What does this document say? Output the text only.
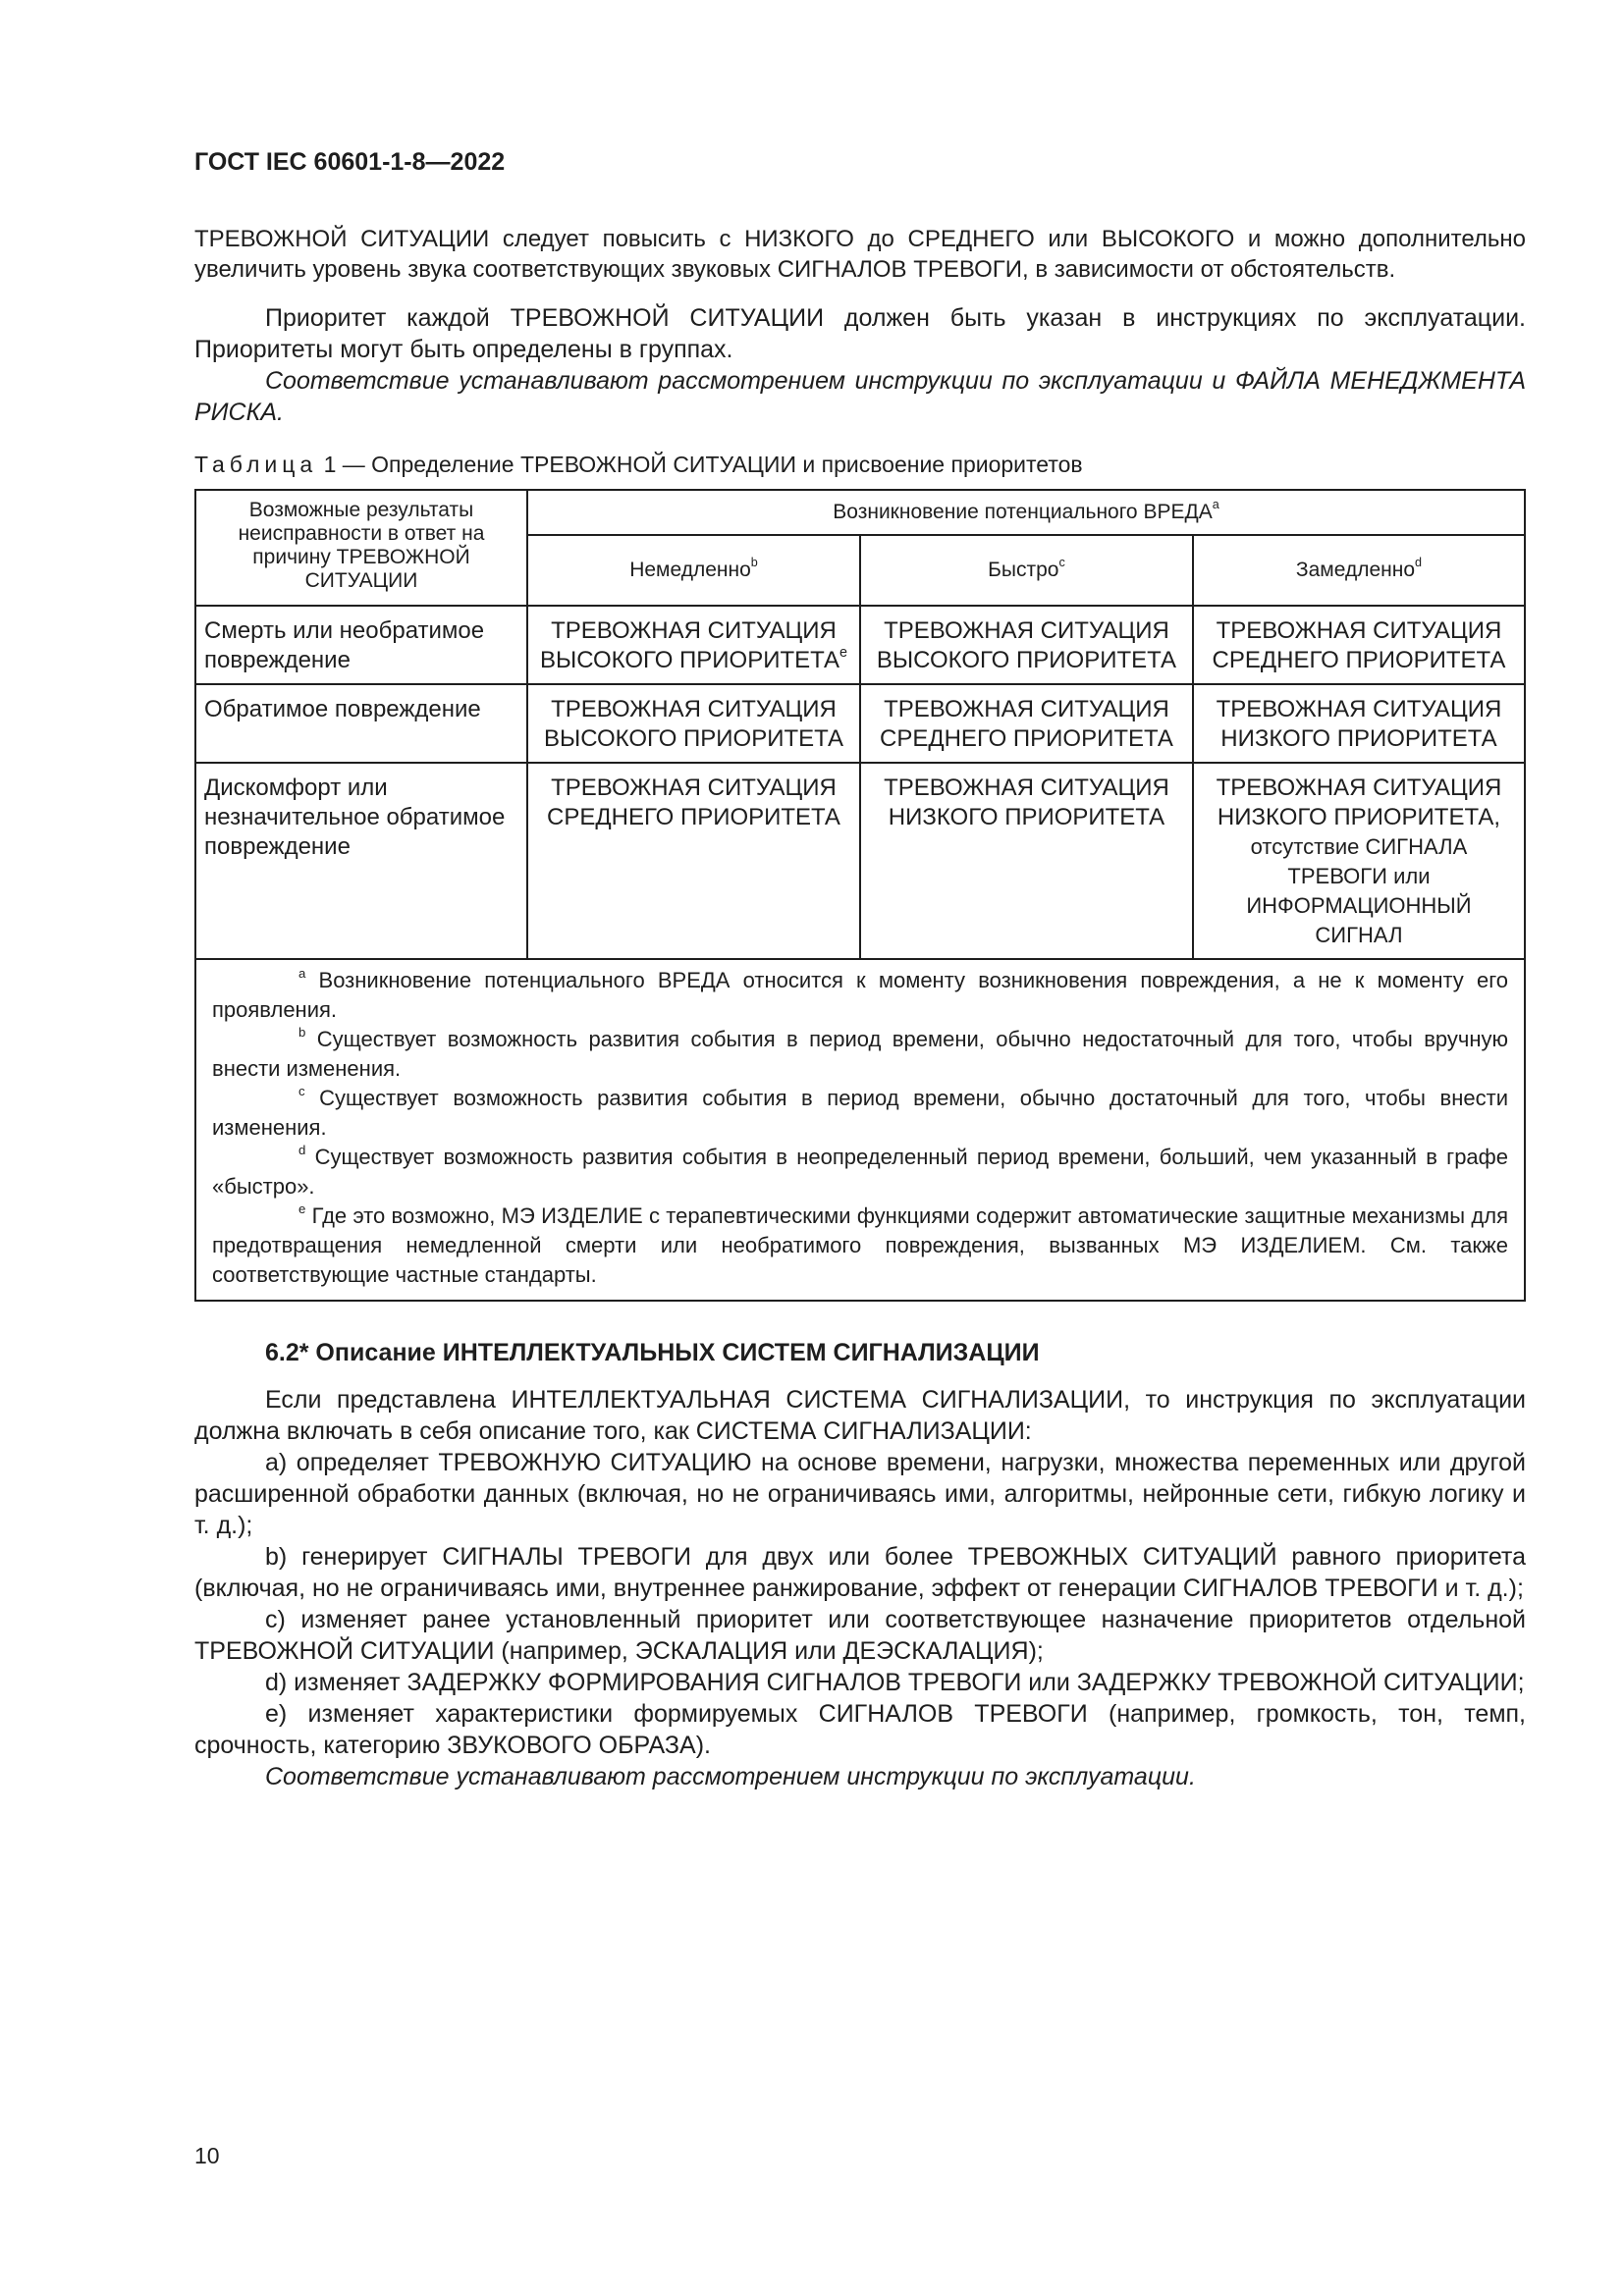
ГОСТ IEC 60601-1-8—2022

ТРЕВОЖНОЙ СИТУАЦИИ следует повысить с НИЗКОГО до СРЕДНЕГО или ВЫСОКОГО и можно дополнительно увеличить уровень звука соответствующих звуковых СИГНАЛОВ ТРЕВОГИ, в зависимости от обстоятельств.

Приоритет каждой ТРЕВОЖНОЙ СИТУАЦИИ должен быть указан в инструкциях по эксплуатации. Приоритеты могут быть определены в группах.

Соответствие устанавливают рассмотрением инструкции по эксплуатации и ФАЙЛА МЕНЕДЖМЕНТА РИСКА.

Таблица 1 — Определение ТРЕВОЖНОЙ СИТУАЦИИ и присвоение приоритетов
Возможные результаты неисправности в ответ на причину ТРЕВОЖНОЙ СИТУАЦИИ	Возникновение потенциального ВРЕДА$^a$
	Немедленно$^b$	Быстро$^c$	Замедленно$^d$
Смерть или необратимое повреждение	ТРЕВОЖНАЯ СИТУАЦИЯ ВЫСОКОГО ПРИОРИТЕТА$^e$	ТРЕВОЖНАЯ СИТУАЦИЯ ВЫСОКОГО ПРИОРИТЕТА	ТРЕВОЖНАЯ СИТУАЦИЯ СРЕДНЕГО ПРИОРИТЕТА
Обратимое повреждение	ТРЕВОЖНАЯ СИТУАЦИЯ ВЫСОКОГО ПРИОРИТЕТА	ТРЕВОЖНАЯ СИТУАЦИЯ СРЕДНЕГО ПРИОРИТЕТА	ТРЕВОЖНАЯ СИТУАЦИЯ НИЗКОГО ПРИОРИТЕТА
Дискомфорт или незначительное обратимое повреждение	ТРЕВОЖНАЯ СИТУАЦИЯ СРЕДНЕГО ПРИОРИТЕТА	ТРЕВОЖНАЯ СИТУАЦИЯ НИЗКОГО ПРИОРИТЕТА	ТРЕВОЖНАЯ СИТУАЦИЯ НИЗКОГО ПРИОРИТЕТА,
отсутствие СИГНАЛА ТРЕВОГИ или ИНФОРМАЦИОННЫЙ СИГНАЛ

$^a$ Возникновение потенциального ВРЕДА относится к моменту возникновения повреждения, а не к моменту его проявления.

$^b$ Существует возможность развития события в период времени, обычно недостаточный для того, чтобы вручную внести изменения.

$^c$ Существует возможность развития события в период времени, обычно достаточный для того, чтобы внести изменения.

$^d$ Существует возможность развития события в неопределенный период времени, больший, чем указанный в графе «быстро».

$^e$ Где это возможно, МЭ ИЗДЕЛИЕ с терапевтическими функциями содержит автоматические защитные механизмы для предотвращения немедленной смерти или необратимого повреждения, вызванных МЭ ИЗДЕЛИЕМ. См. также соответствующие частные стандарты.			

6.2* Описание ИНТЕЛЛЕКТУАЛЬНЫХ СИСТЕМ СИГНАЛИЗАЦИИ

Если представлена ИНТЕЛЛЕКТУАЛЬНАЯ СИСТЕМА СИГНАЛИЗАЦИИ, то инструкция по эксплуатации должна включать в себя описание того, как СИСТЕМА СИГНАЛИЗАЦИИ:

a) определяет ТРЕВОЖНУЮ СИТУАЦИЮ на основе времени, нагрузки, множества переменных или другой расширенной обработки данных (включая, но не ограничиваясь ими, алгоритмы, нейронные сети, гибкую логику и т. д.);

b) генерирует СИГНАЛЫ ТРЕВОГИ для двух или более ТРЕВОЖНЫХ СИТУАЦИЙ равного приоритета (включая, но не ограничиваясь ими, внутреннее ранжирование, эффект от генерации СИГНАЛОВ ТРЕВОГИ и т. д.);

c) изменяет ранее установленный приоритет или соответствующее назначение приоритетов отдельной ТРЕВОЖНОЙ СИТУАЦИИ (например, ЭСКАЛАЦИЯ или ДЕЭСКАЛАЦИЯ);

d) изменяет ЗАДЕРЖКУ ФОРМИРОВАНИЯ СИГНАЛОВ ТРЕВОГИ или ЗАДЕРЖКУ ТРЕВОЖНОЙ СИТУАЦИИ;

e) изменяет характеристики формируемых СИГНАЛОВ ТРЕВОГИ (например, громкость, тон, темп, срочность, категорию ЗВУКОВОГО ОБРАЗА).

Соответствие устанавливают рассмотрением инструкции по эксплуатации.

10
